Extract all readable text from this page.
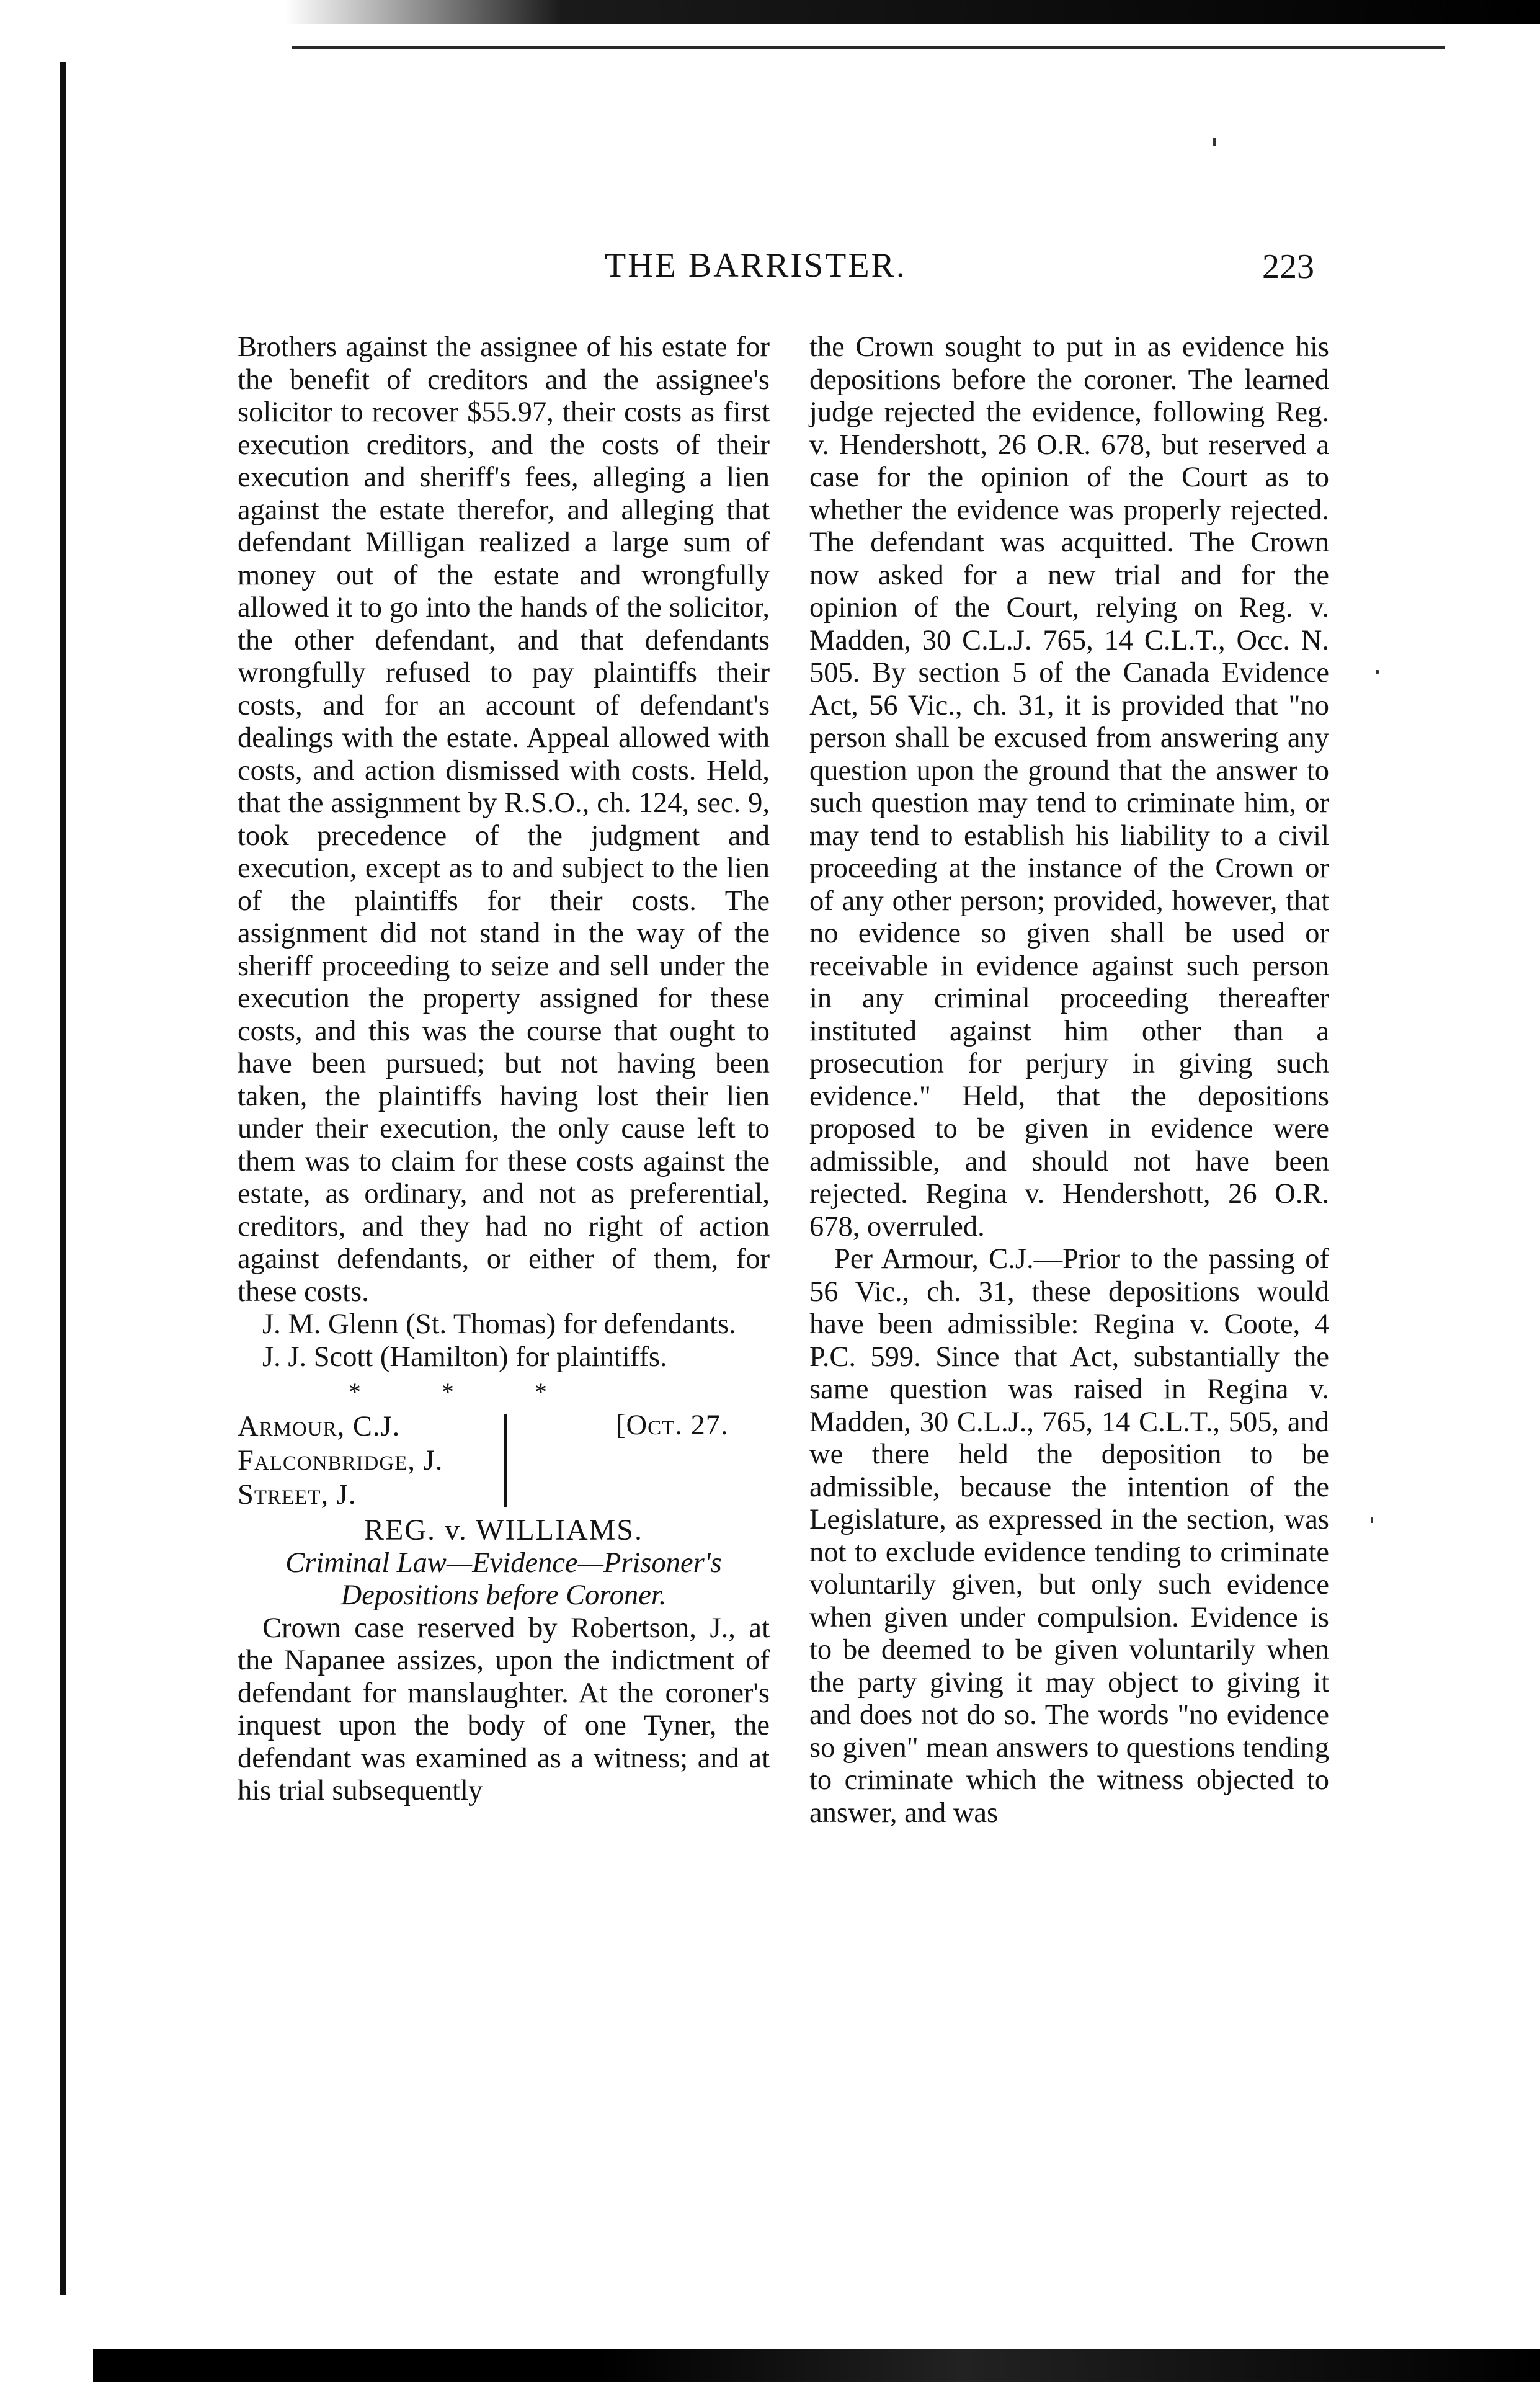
THE BARRISTER.	223

Brothers against the assignee of his estate for the benefit of creditors and the assignee's solicitor to recover $55.97, their costs as first execution creditors, and the costs of their execution and sheriff's fees, alleging a lien against the estate therefor, and alleging that defendant Milligan realized a large sum of money out of the estate and wrongfully allowed it to go into the hands of the solicitor, the other defendant, and that defendants wrongfully refused to pay plaintiffs their costs, and for an account of defendant's dealings with the estate. Appeal allowed with costs, and action dismissed with costs. Held, that the assignment by R.S.O., ch. 124, sec. 9, took precedence of the judgment and execution, except as to and subject to the lien of the plaintiffs for their costs. The assignment did not stand in the way of the sheriff proceeding to seize and sell under the execution the property assigned for these costs, and this was the course that ought to have been pursued; but not having been taken, the plaintiffs having lost their lien under their execution, the only cause left to them was to claim for these costs against the estate, as ordinary, and not as preferential, creditors, and they had no right of action against defendants, or either of them, for these costs.

J. M. Glenn (St. Thomas) for defendants.

J. J. Scott (Hamilton) for plaintiffs.

* * *

Armour, C.J.

Falconbridge, J.

Street, J.

[Oct. 27.

REG. v. WILLIAMS.

Criminal Law—Evidence—Prisoner's Depositions before Coroner.

Crown case reserved by Robertson, J., at the Napanee assizes, upon the indictment of defendant for manslaughter. At the coroner's inquest upon the body of one Tyner, the defendant was examined as a witness; and at his trial subsequently

the Crown sought to put in as evidence his depositions before the coroner. The learned judge rejected the evidence, following Reg. v. Hendershott, 26 O.R. 678, but reserved a case for the opinion of the Court as to whether the evidence was properly rejected. The defendant was acquitted. The Crown now asked for a new trial and for the opinion of the Court, relying on Reg. v. Madden, 30 C.L.J. 765, 14 C.L.T., Occ. N. 505. By section 5 of the Canada Evidence Act, 56 Vic., ch. 31, it is provided that "no person shall be excused from answering any question upon the ground that the answer to such question may tend to criminate him, or may tend to establish his liability to a civil proceeding at the instance of the Crown or of any other person; provided, however, that no evidence so given shall be used or receivable in evidence against such person in any criminal proceeding thereafter instituted against him other than a prosecution for perjury in giving such evidence." Held, that the depositions proposed to be given in evidence were admissible, and should not have been rejected. Regina v. Hendershott, 26 O.R. 678, overruled.

Per Armour, C.J.—Prior to the passing of 56 Vic., ch. 31, these depositions would have been admissible: Regina v. Coote, 4 P.C. 599. Since that Act, substantially the same question was raised in Regina v. Madden, 30 C.L.J., 765, 14 C.L.T., 505, and we there held the deposition to be admissible, because the intention of the Legislature, as expressed in the section, was not to exclude evidence tending to criminate voluntarily given, but only such evidence when given under compulsion. Evidence is to be deemed to be given voluntarily when the party giving it may object to giving it and does not do so. The words "no evidence so given" mean answers to questions tending to criminate which the witness objected to answer, and was
